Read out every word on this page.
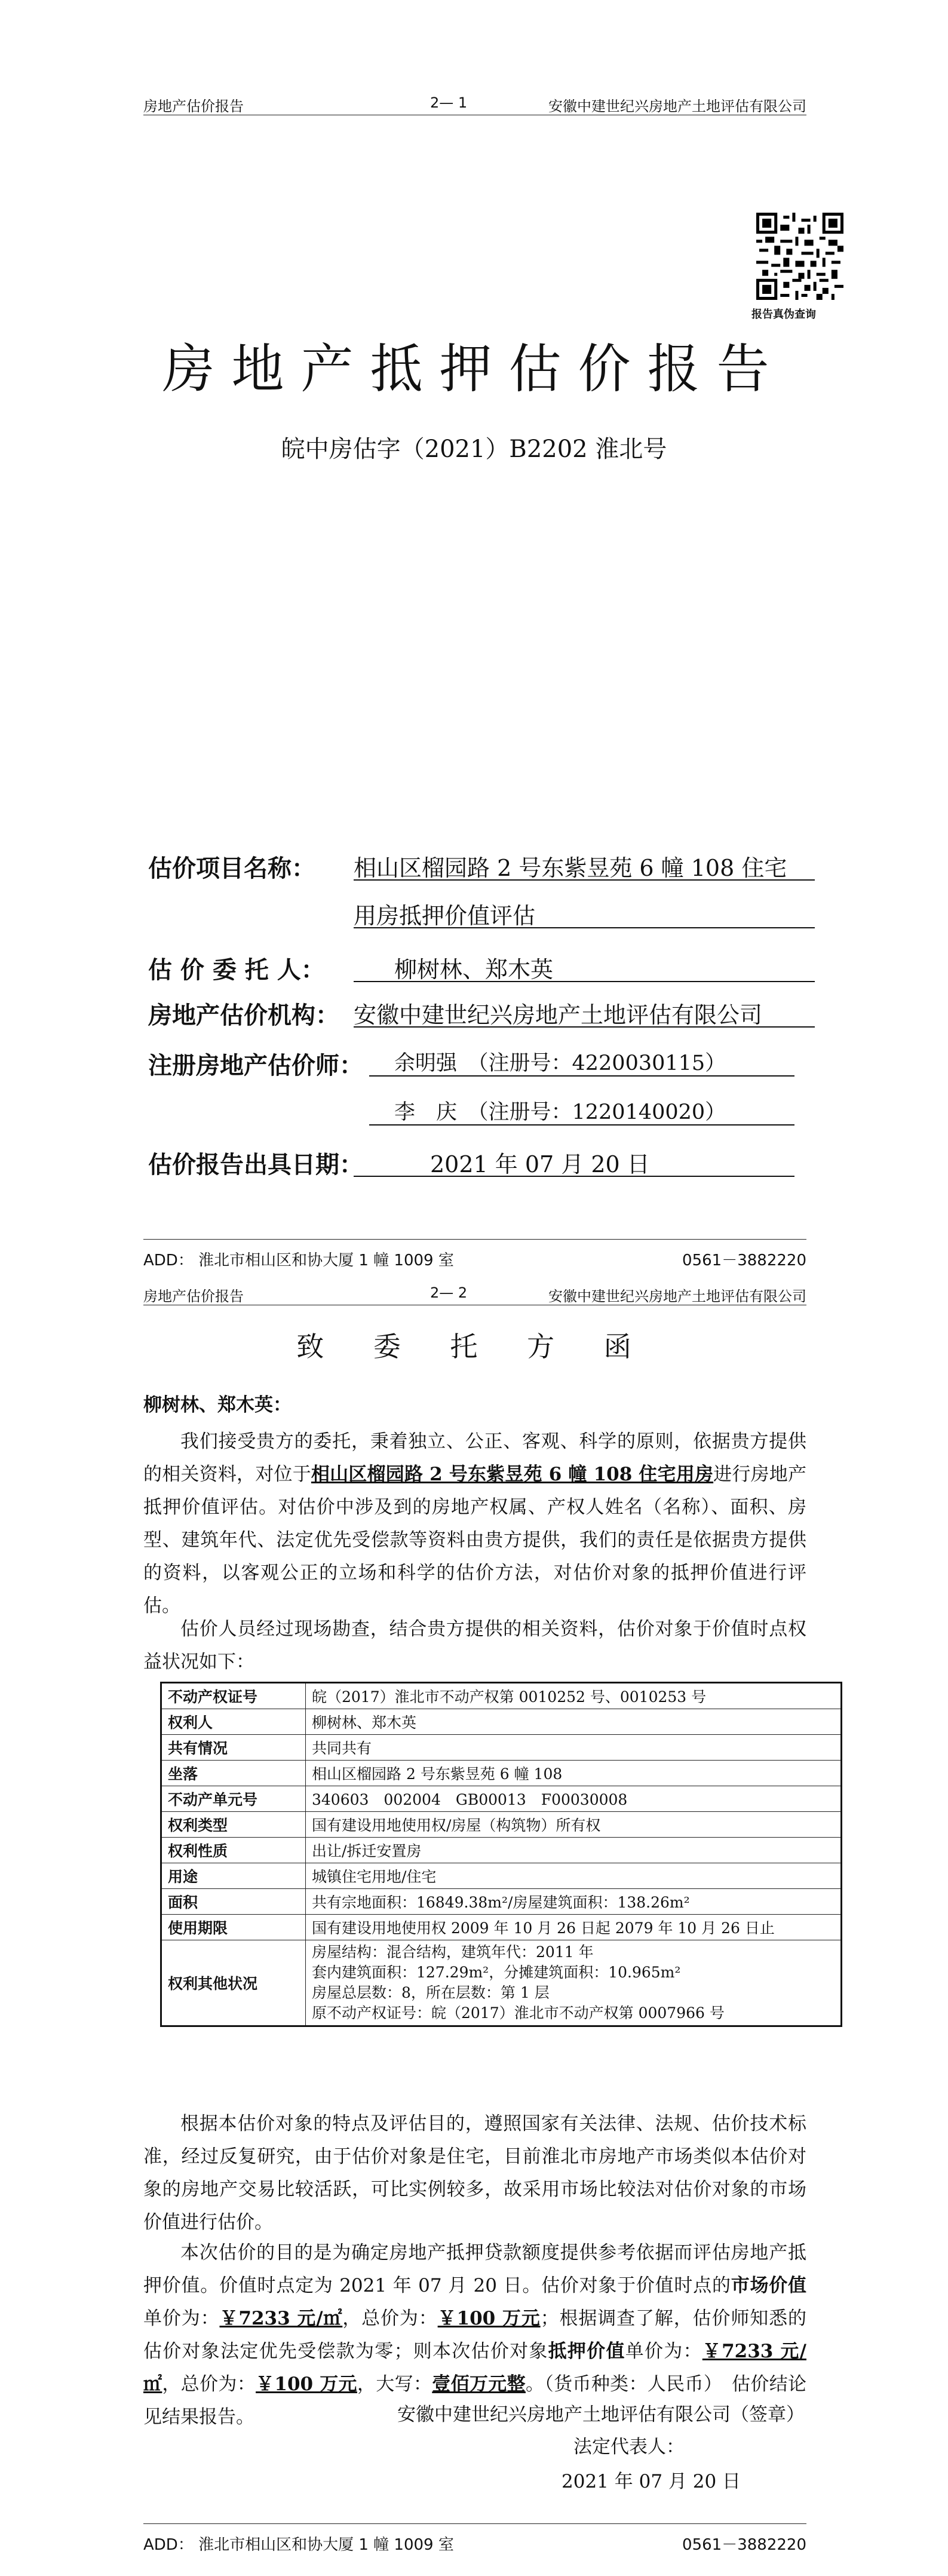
房地产估价报告	2— 1	安徽中建世纪兴房地产土地评估有限公司
报告真伪查询
房地产抵押估价报告
皖中房估字（2021）B2202 淮北号
估价项目名称： 相山区榴园路 2 号东紫昱苑 6 幢 108 住宅
用房抵押价值评估
估 价 委 托 人：	柳树林、郑木英
房地产估价机构： 安徽中建世纪兴房地产土地评估有限公司
注册房地产估价师： 余明强　（注册号：4220030115）
李　庆　（注册号：1220140020）
估价报告出具日期：	2021 年 07 月 20 日
ADD： 淮北市相山区和协大厦 1 幢 1009 室	0561－3882220
房地产估价报告	2— 2	安徽中建世纪兴房地产土地评估有限公司
致 委 托 方 函
柳树林、郑木英：

我们接受贵方的委托，秉着独立、公正、客观、科学的原则，依据贵方提供的相关资料，对位于相山区榴园路 2 号东紫昱苑 6 幢 108 住宅用房进行房地产抵押价值评估。对估价中涉及到的房地产权属、产权人姓名（名称）、面积、房型、建筑年代、法定优先受偿款等资料由贵方提供，我们的责任是依据贵方提供的资料，以客观公正的立场和科学的估价方法，对估价对象的抵押价值进行评估。

估价人员经过现场勘查，结合贵方提供的相关资料，估价对象于价值时点权益状况如下：

不动产权证号	皖（2017）淮北市不动产权第 0010252 号、0010253 号
权利人	柳树林、郑木英
共有情况	共同共有
坐落	相山区榴园路 2 号东紫昱苑 6 幢 108
不动产单元号	340603　002004　GB00013　F00030008
权利类型	国有建设用地使用权/房屋（构筑物）所有权
权利性质	出让/拆迁安置房
用途	城镇住宅用地/住宅
面积	共有宗地面积：16849.38m²/房屋建筑面积：138.26m²
使用期限	国有建设用地使用权 2009 年 10 月 26 日起 2079 年 10 月 26 日止
权利其他状况	房屋结构：混合结构，建筑年代：2011 年
套内建筑面积：127.29m²，分摊建筑面积：10.965m²
房屋总层数：8，所在层数：第 1 层
原不动产权证号：皖（2017）淮北市不动产权第 0007966 号

根据本估价对象的特点及评估目的，遵照国家有关法律、法规、估价技术标准，经过反复研究，由于估价对象是住宅，目前淮北市房地产市场类似本估价对象的房地产交易比较活跃，可比实例较多，故采用市场比较法对估价对象的市场价值进行估价。

本次估价的目的是为确定房地产抵押贷款额度提供参考依据而评估房地产抵押价值。价值时点定为 2021 年 07 月 20 日。估价对象于价值时点的市场价值单价为：￥7233 元/㎡，总价为：￥100 万元；根据调查了解，估价师知悉的估价对象法定优先受偿款为零；则本次估价对象抵押价值单价为：￥7233 元/㎡，总价为：￥100 万元，大写：壹佰万元整。（货币种类：人民币）　估价结论见结果报告。	安徽中建世纪兴房地产土地评估有限公司（签章）
法定代表人：
2021 年 07 月 20 日
ADD： 淮北市相山区和协大厦 1 幢 1009 室	0561－3882220
